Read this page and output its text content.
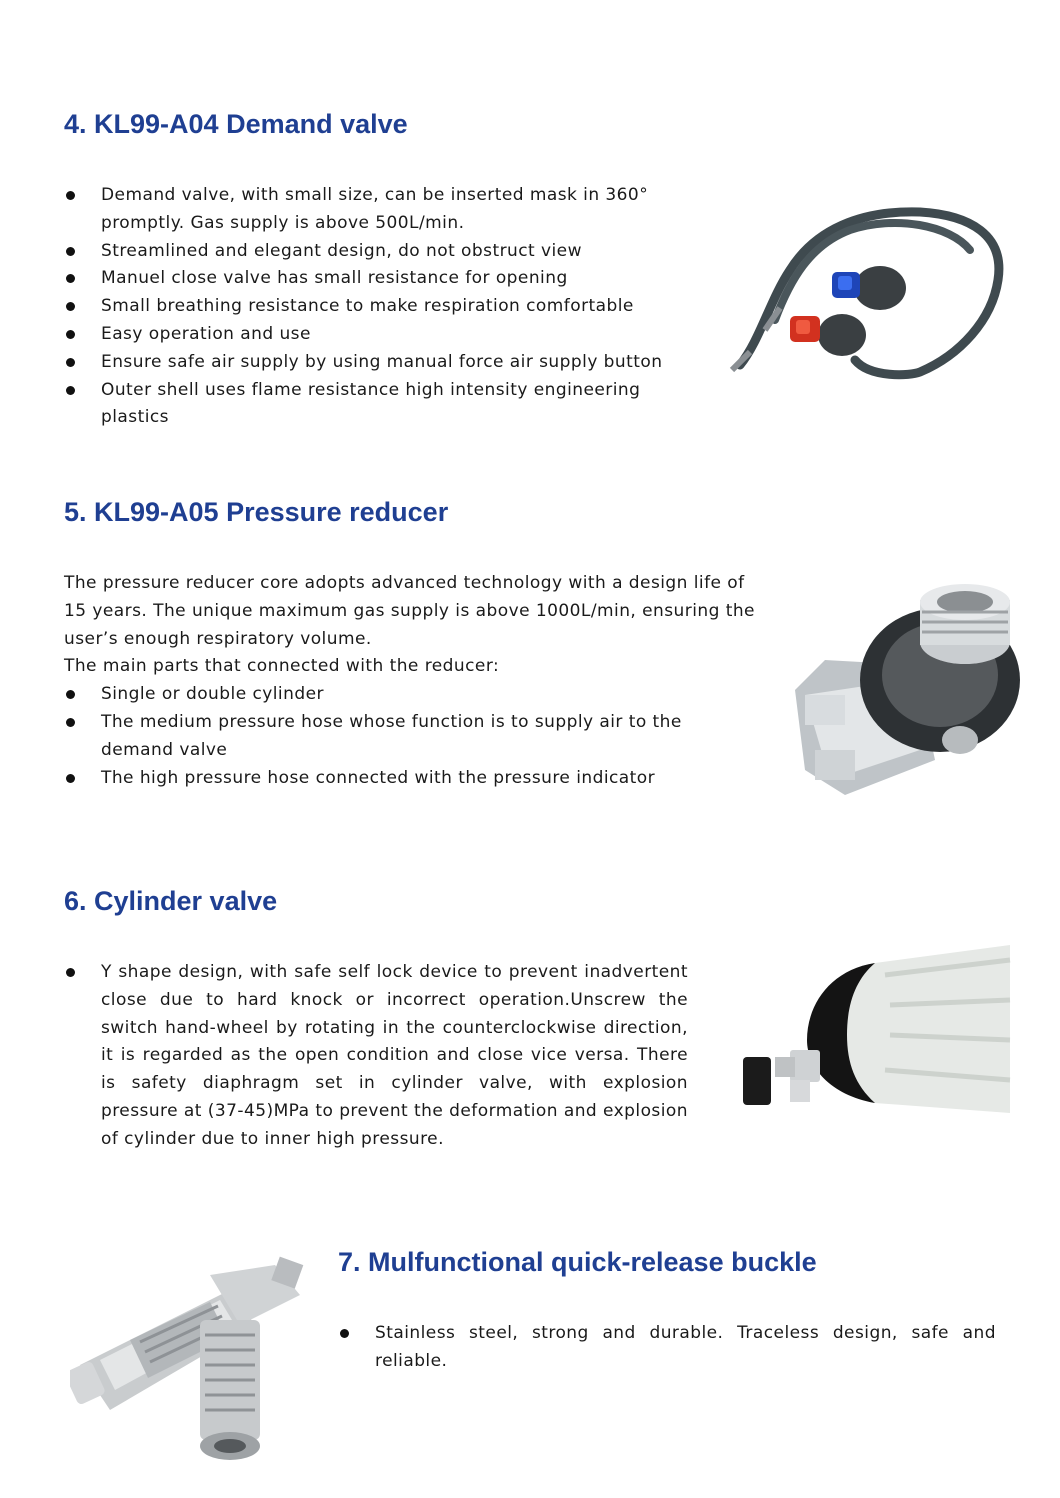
4. KL99-A04 Demand valve
Demand valve, with small size, can be inserted mask in 360° promptly. Gas supply is above 500L/min.
Streamlined and elegant design, do not obstruct view
Manuel close valve has small resistance for opening
Small breathing resistance to make respiration comfortable
Easy operation and use
Ensure safe air supply by using manual force air supply button
Outer shell uses flame resistance high intensity engineering plastics
5. KL99-A05 Pressure reducer

The pressure reducer core adopts advanced technology with a design life of 15 years. The unique maximum gas supply is above 1000L/min, ensuring the user’s enough respiratory volume.

The main parts that connected with the reducer:

Single or double cylinder
The medium pressure hose whose function is to supply air to the demand valve
The high pressure hose connected with the pressure indicator
6. Cylinder valve
Y shape design, with safe self lock device to prevent inadvertent close due to hard knock or incorrect operation.Unscrew the switch hand-wheel by rotating in the counterclockwise direction, it is regarded as the open condition and close vice versa. There is safety diaphragm set in cylinder valve, with explosion pressure at (37-45)MPa to prevent the deformation and explosion of cylinder due to inner high pressure.
7. Mulfunctional quick-release buckle
Stainless steel, strong and durable. Traceless design, safe and reliable.
